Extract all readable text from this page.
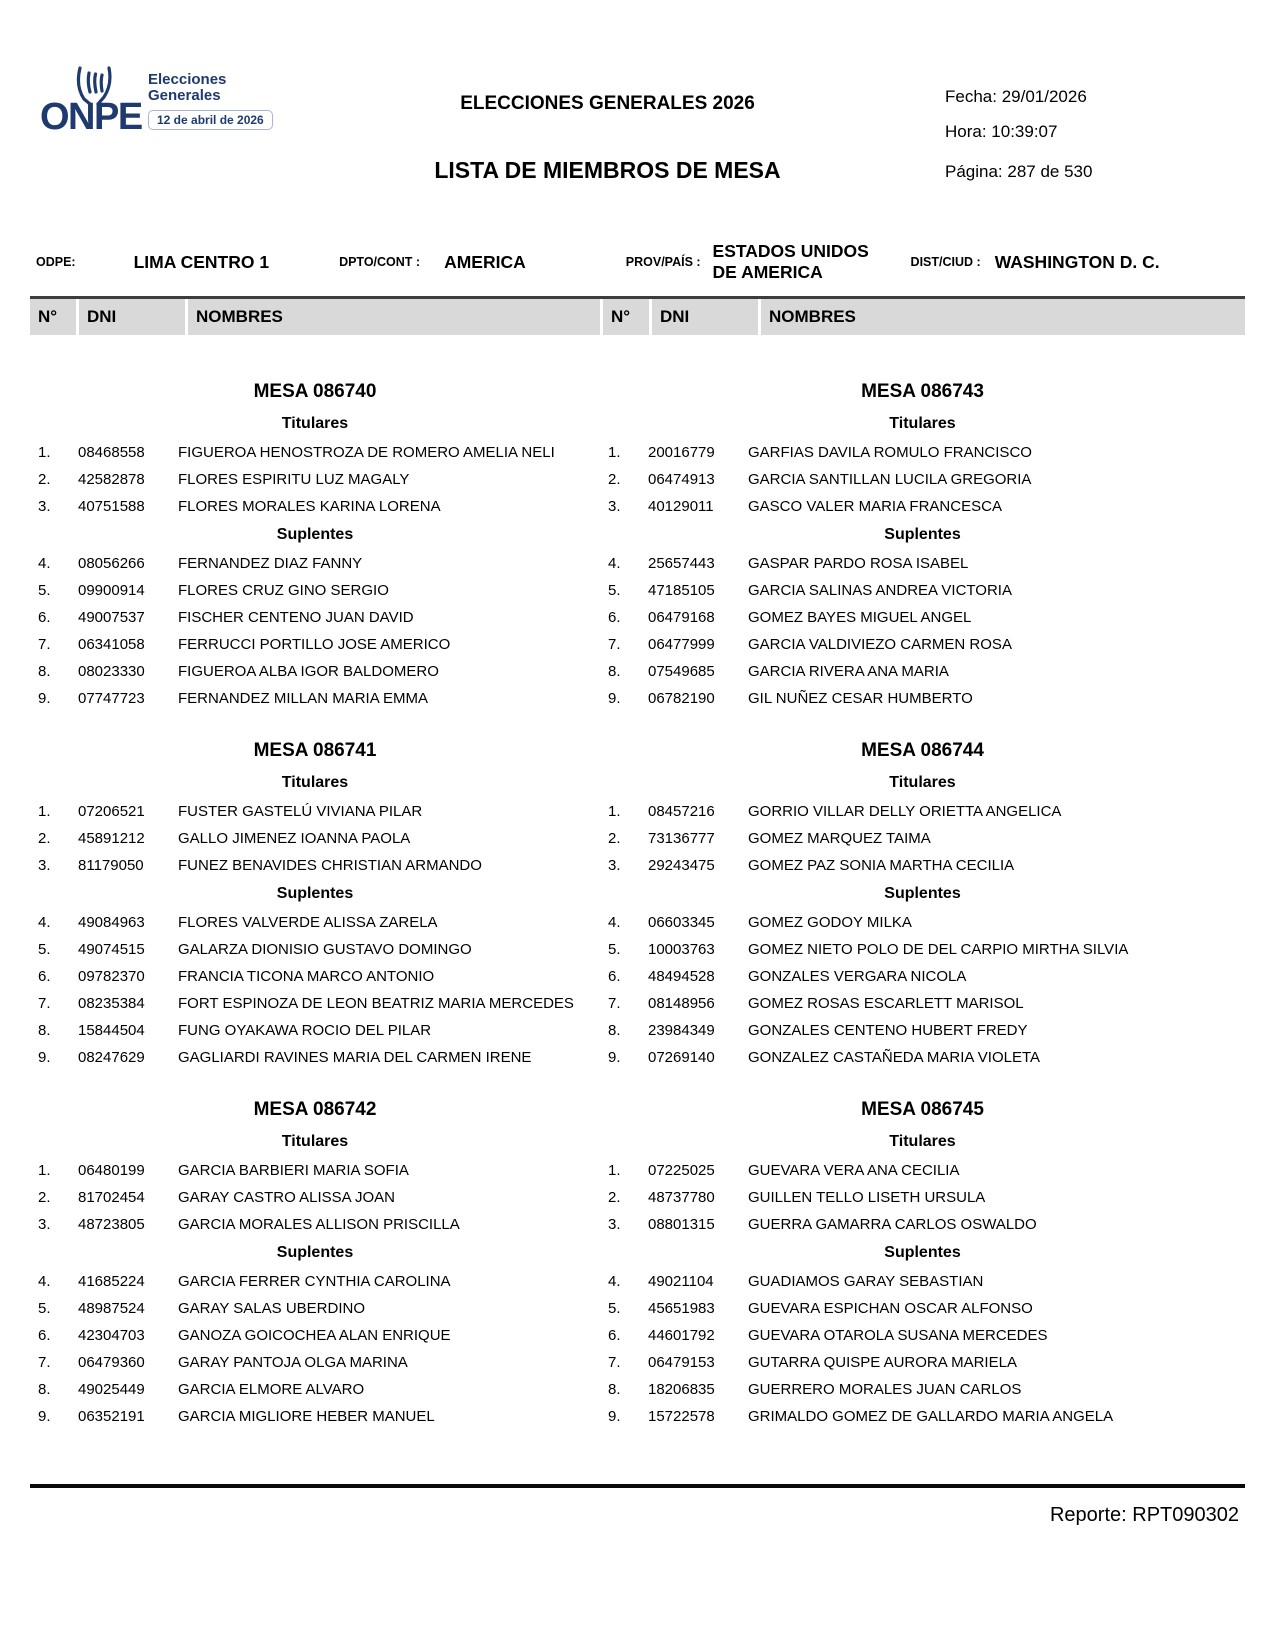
ONPE
Elecciones
Generales
12 de abril de 2026
ELECCIONES GENERALES 2026
LISTA DE MIEMBROS DE MESA
Fecha: 29/01/2026
Hora: 10:39:07
Página: 287 de 530
ODPE:	LIMA CENTRO 1	DPTO/CONT : AMERICA	PROV/PAÍS :
ESTADOS UNIDOS DE AMERICA	DIST/CIUD : WASHINGTON D. C.
N°	DNI	NOMBRES	N°	DNI	NOMBRES
MESA 086740
Titulares
1.	08468558	FIGUEROA HENOSTROZA DE ROMERO AMELIA NELI
2.	42582878	FLORES ESPIRITU LUZ MAGALY
3.	40751588	FLORES MORALES KARINA LORENA
Suplentes
4.	08056266	FERNANDEZ DIAZ FANNY
5.	09900914	FLORES CRUZ GINO SERGIO
6.	49007537	FISCHER CENTENO JUAN DAVID
7.	06341058	FERRUCCI PORTILLO JOSE AMERICO
8.	08023330	FIGUEROA ALBA IGOR BALDOMERO
9.	07747723	FERNANDEZ MILLAN MARIA EMMA
MESA 086741
Titulares
1.	07206521	FUSTER GASTELÚ VIVIANA PILAR
2.	45891212	GALLO JIMENEZ IOANNA PAOLA
3.	81179050	FUNEZ BENAVIDES CHRISTIAN ARMANDO
Suplentes
4.	49084963	FLORES VALVERDE ALISSA ZARELA
5.	49074515	GALARZA DIONISIO GUSTAVO DOMINGO
6.	09782370	FRANCIA TICONA MARCO ANTONIO
7.	08235384	FORT ESPINOZA DE LEON BEATRIZ MARIA MERCEDES
8.	15844504	FUNG OYAKAWA ROCIO DEL PILAR
9.	08247629	GAGLIARDI RAVINES MARIA DEL CARMEN IRENE
MESA 086742
Titulares
1.	06480199	GARCIA BARBIERI MARIA SOFIA
2.	81702454	GARAY CASTRO ALISSA JOAN
3.	48723805	GARCIA MORALES ALLISON PRISCILLA
Suplentes
4.	41685224	GARCIA FERRER CYNTHIA CAROLINA
5.	48987524	GARAY SALAS UBERDINO
6.	42304703	GANOZA GOICOCHEA ALAN ENRIQUE
7.	06479360	GARAY PANTOJA OLGA MARINA
8.	49025449	GARCIA ELMORE ALVARO
9.	06352191	GARCIA MIGLIORE HEBER MANUEL
MESA 086743
Titulares
1.	20016779	GARFIAS DAVILA ROMULO FRANCISCO
2.	06474913	GARCIA SANTILLAN LUCILA GREGORIA
3.	40129011	GASCO VALER MARIA FRANCESCA
Suplentes
4.	25657443	GASPAR PARDO ROSA ISABEL
5.	47185105	GARCIA SALINAS ANDREA VICTORIA
6.	06479168	GOMEZ BAYES MIGUEL ANGEL
7.	06477999	GARCIA VALDIVIEZO CARMEN ROSA
8.	07549685	GARCIA RIVERA ANA MARIA
9.	06782190	GIL NUÑEZ CESAR HUMBERTO
MESA 086744
Titulares
1.	08457216	GORRIO VILLAR DELLY ORIETTA ANGELICA
2.	73136777	GOMEZ MARQUEZ TAIMA
3.	29243475	GOMEZ PAZ SONIA MARTHA CECILIA
Suplentes
4.	06603345	GOMEZ GODOY MILKA
5.	10003763	GOMEZ NIETO POLO DE DEL CARPIO MIRTHA SILVIA
6.	48494528	GONZALES VERGARA NICOLA
7.	08148956	GOMEZ ROSAS ESCARLETT MARISOL
8.	23984349	GONZALES CENTENO HUBERT FREDY
9.	07269140	GONZALEZ CASTAÑEDA MARIA VIOLETA
MESA 086745
Titulares
1.	07225025	GUEVARA VERA ANA CECILIA
2.	48737780	GUILLEN TELLO LISETH URSULA
3.	08801315	GUERRA GAMARRA CARLOS OSWALDO
Suplentes
4.	49021104	GUADIAMOS GARAY SEBASTIAN
5.	45651983	GUEVARA ESPICHAN OSCAR ALFONSO
6.	44601792	GUEVARA OTAROLA SUSANA MERCEDES
7.	06479153	GUTARRA QUISPE AURORA MARIELA
8.	18206835	GUERRERO MORALES JUAN CARLOS
9.	15722578	GRIMALDO GOMEZ DE GALLARDO MARIA ANGELA
Reporte: RPT090302
